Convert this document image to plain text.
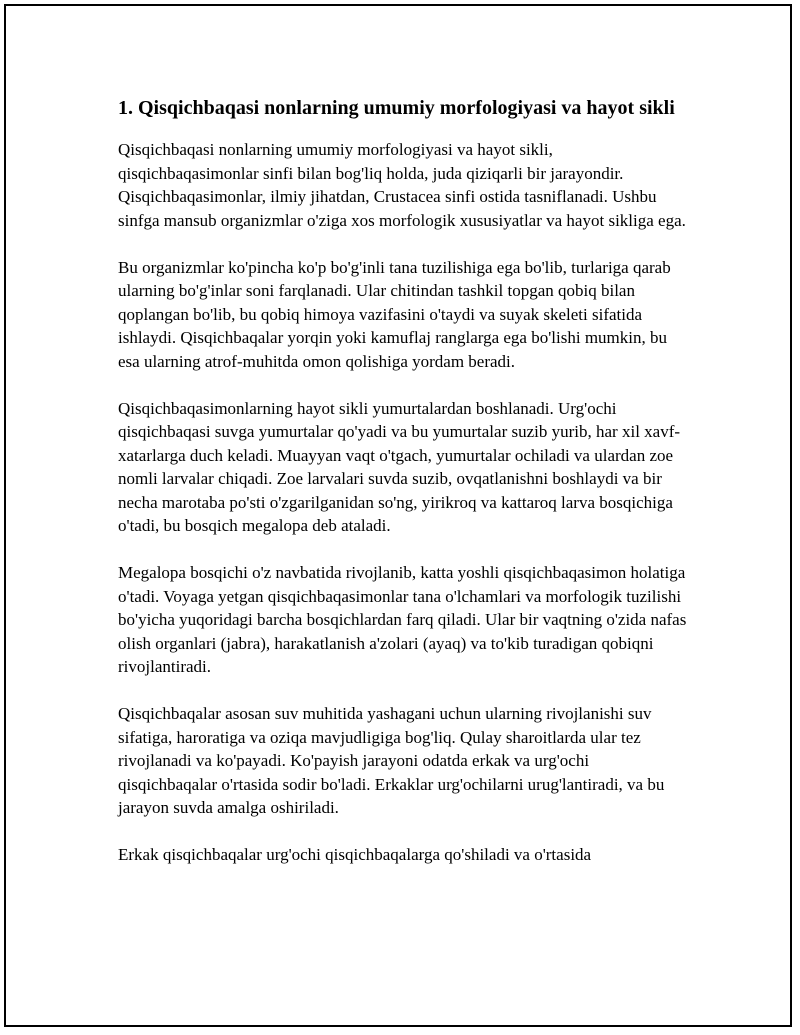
1. Qisqichbaqasi nonlarning umumiy morfologiyasi va hayot sikli

Qisqichbaqasi nonlarning umumiy morfologiyasi va hayot sikli, qisqichbaqasimonlar sinfi bilan bog'liq holda, juda qiziqarli bir jarayondir. Qisqichbaqasimonlar, ilmiy jihatdan, Crustacea sinfi ostida tasniflanadi. Ushbu sinfga mansub organizmlar o'ziga xos morfologik xususiyatlar va hayot sikliga ega.

Bu organizmlar ko'pincha ko'p bo'g'inli tana tuzilishiga ega bo'lib, turlariga qarab ularning bo'g'inlar soni farqlanadi. Ular chitindan tashkil topgan qobiq bilan qoplangan bo'lib, bu qobiq himoya vazifasini o'taydi va suyak skeleti sifatida ishlaydi. Qisqichbaqalar yorqin yoki kamuflaj ranglarga ega bo'lishi mumkin, bu esa ularning atrof-muhitda omon qolishiga yordam beradi.

Qisqichbaqasimonlarning hayot sikli yumurtalardan boshlanadi. Urg'ochi qisqichbaqasi suvga yumurtalar qo'yadi va bu yumurtalar suzib yurib, har xil xavf-xatarlarga duch keladi. Muayyan vaqt o'tgach, yumurtalar ochiladi va ulardan zoe nomli larvalar chiqadi. Zoe larvalari suvda suzib, ovqatlanishni boshlaydi va bir necha marotaba po'sti o'zgarilganidan so'ng, yirikroq va kattaroq larva bosqichiga o'tadi, bu bosqich megalopa deb ataladi.

Megalopa bosqichi o'z navbatida rivojlanib, katta yoshli qisqichbaqasimon holatiga o'tadi. Voyaga yetgan qisqichbaqasimonlar tana o'lchamlari va morfologik tuzilishi bo'yicha yuqoridagi barcha bosqichlardan farq qiladi. Ular bir vaqtning o'zida nafas olish organlari (jabra), harakatlanish a'zolari (ayaq) va to'kib turadigan qobiqni rivojlantiradi.

Qisqichbaqalar asosan suv muhitida yashagani uchun ularning rivojlanishi suv sifatiga, haroratiga va oziqa mavjudligiga bog'liq. Qulay sharoitlarda ular tez rivojlanadi va ko'payadi. Ko'payish jarayoni odatda erkak va urg'ochi qisqichbaqalar o'rtasida sodir bo'ladi. Erkaklar urg'ochilarni urug'lantiradi, va bu jarayon suvda amalga oshiriladi.

Erkak qisqichbaqalar urg'ochi qisqichbaqalarga qo'shiladi va o'rtasida
